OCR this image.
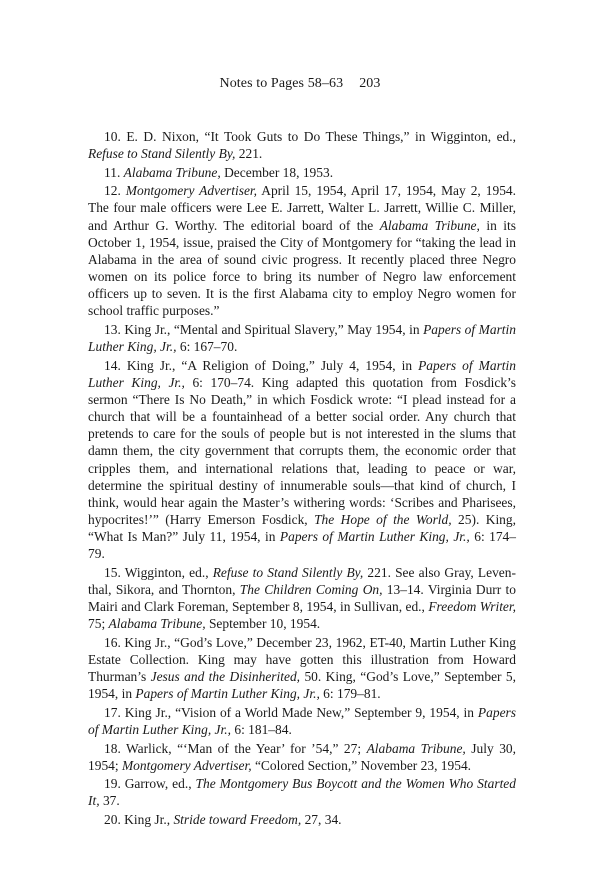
Notes to Pages 58–63 203

10. E. D. Nixon, “It Took Guts to Do These Things,” in Wigginton, ed., Refuse to Stand Silently By, 221.

11. Alabama Tribune, December 18, 1953.

12. Montgomery Advertiser, April 15, 1954, April 17, 1954, May 2, 1954. The four male officers were Lee E. Jarrett, Walter L. Jarrett, Willie C. Miller, and Arthur G. Worthy. The editorial board of the Alabama Tribune, in its October 1, 1954, issue, praised the City of Montgomery for “taking the lead in Alabama in the area of sound civic progress. It recently placed three Negro women on its police force to bring its number of Negro law enforcement officers up to seven. It is the first Alabama city to employ Negro women for school traffic purposes.”

13. King Jr., “Mental and Spiritual Slavery,” May 1954, in Papers of Martin Luther King, Jr., 6: 167–70.

14. King Jr., “A Religion of Doing,” July 4, 1954, in Papers of Martin Luther King, Jr., 6: 170–74. King adapted this quotation from Fosdick’s sermon “There Is No Death,” in which Fosdick wrote: “I plead instead for a church that will be a fountainhead of a better social order. Any church that pretends to care for the souls of people but is not interested in the slums that damn them, the city government that corrupts them, the economic order that cripples them, and international relations that, leading to peace or war, determine the spiritual destiny of innumerable souls—that kind of church, I think, would hear again the Master’s withering words: ‘Scribes and Pharisees, hypocrites!’” (Harry Emerson Fosdick, The Hope of the World, 25). King, “What Is Man?” July 11, 1954, in Papers of Martin Luther King, Jr., 6: 174–79.

15. Wigginton, ed., Refuse to Stand Silently By, 221. See also Gray, Leventhal, Sikora, and Thornton, The Children Coming On, 13–14. Virginia Durr to Mairi and Clark Foreman, September 8, 1954, in Sullivan, ed., Freedom Writer, 75; Alabama Tribune, September 10, 1954.

16. King Jr., “God’s Love,” December 23, 1962, ET-40, Martin Luther King Estate Collection. King may have gotten this illustration from Howard Thurman’s Jesus and the Disinherited, 50. King, “God’s Love,” September 5, 1954, in Papers of Martin Luther King, Jr., 6: 179–81.

17. King Jr., “Vision of a World Made New,” September 9, 1954, in Papers of Martin Luther King, Jr., 6: 181–84.

18. Warlick, “‘Man of the Year’ for ’54,” 27; Alabama Tribune, July 30, 1954; Montgomery Advertiser, “Colored Section,” November 23, 1954.

19. Garrow, ed., The Montgomery Bus Boycott and the Women Who Started It, 37.

20. King Jr., Stride toward Freedom, 27, 34.
